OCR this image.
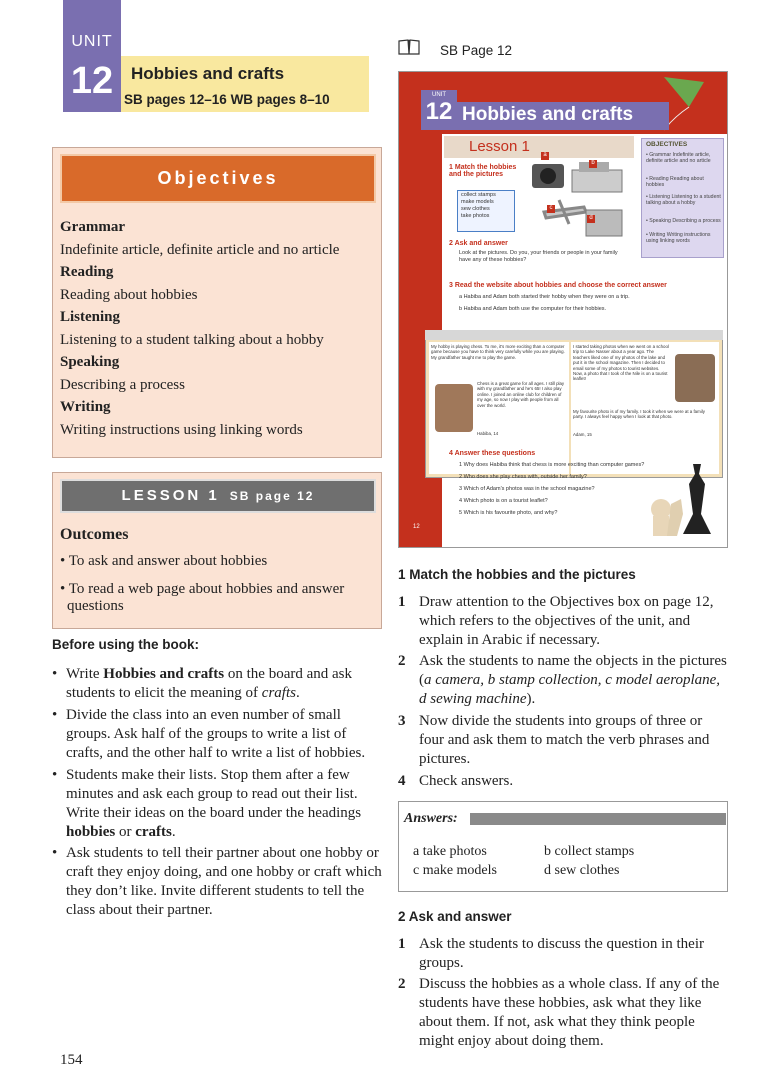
UNIT
12	Hobbies and crafts
SB pages 12–16 WB pages 8–10
Objectives
Grammar
Indefinite article, definite article and no article
Reading
Reading about hobbies
Listening
Listening to a student talking about a hobby
Speaking
Describing a process
Writing
Writing instructions using linking words
LESSON 1 SB page 12
Outcomes
• To ask and answer about hobbies
• To read a web page about hobbies and answer
questions
Before using the book:
• Write Hobbies and crafts on the board and ask students to elicit the meaning of crafts.
• Divide the class into an even number of small groups. Ask half of the groups to write a list of crafts, and the other half to write a list of hobbies.
• Students make their lists. Stop them after a few minutes and ask each group to read out their list. Write their ideas on the board under the headings hobbies or crafts.
• Ask students to tell their partner about one hobby or craft they enjoy doing, and one hobby or craft which they don’t like. Invite different students to tell the class about their partner.
154
SB Page 12
UNIT
12 Hobbies and crafts
Lesson 1	OBJECTIVES
• Grammar Indefinite article, definite article and no article
• Reading Reading about hobbies
• Listening Listening to a student talking about a hobby
• Speaking Describing a process
• Writing Writing instructions using linking words
1 Match the hobbies and the pictures
collect stamps
make models
sew clothes
take photos
a
b
c
d
2 Ask and answer
Look at the pictures. Do you, your friends or people in your family have any of these hobbies?
3 Read the website about hobbies and choose the correct answer
a Habiba and Adam both started their hobby when they were on a trip.
b Habiba and Adam both use the computer for their hobbies.
My hobby is playing chess. To me, it's more exciting than a computer game because you have to think very carefully while you are playing. My grandfather taught me to play the game.
Chess is a great game for all ages. I still play with my grandfather and he's 65! I also play online. I joined an online club for children of my age, so now I play with people from all over the world.
Habiba, 14
I started taking photos when we went on a school trip to Lake Nasser about a year ago. The teachers liked one of my photos of the lake and put it in the school magazine. Then I decided to email some of my photos to tourist websites. Now, a photo that I took of the Nile is on a tourist leaflet!
My favourite photo is of my family. I took it when we were at a family party. I always feel happy when I look at that photo.
Adam, 15
4 Answer these questions
1 Why does Habiba think that chess is more exciting than computer games?
2 Who does she play chess with, outside her family?
3 Which of Adam's photos was in the school magazine?
4 Which photo is on a tourist leaflet?
5 Which is his favourite photo, and why?
12
1 Match the hobbies and the pictures
1 Draw attention to the Objectives box on page 12, which refers to the objectives of the unit, and explain in Arabic if necessary.
2 Ask the students to name the objects in the pictures (a camera, b stamp collection, c model aeroplane, d sewing machine).
3 Now divide the students into groups of three or four and ask them to match the verb phrases and pictures.
4 Check answers.
Answers:
a take photos	b collect stamps
c make models	d sew clothes
2 Ask and answer
1 Ask the students to discuss the question in their groups.
2 Discuss the hobbies as a whole class. If any of the students have these hobbies, ask what they like about them. If not, ask what they think people might enjoy about doing them.
